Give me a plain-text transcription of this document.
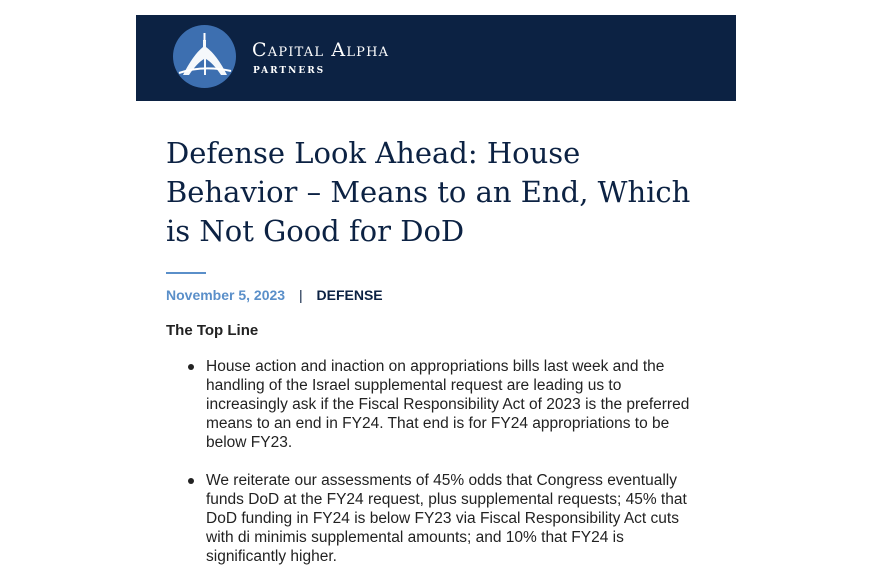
Capital Alpha
PARTNERS
Defense Look Ahead: House Behavior – Means to an End, Which is Not Good for DoD
November 5, 2023 | DEFENSE
The Top Line
House action and inaction on appropriations bills last week and the handling of the Israel supplemental request are leading us to increasingly ask if the Fiscal Responsibility Act of 2023 is the preferred means to an end in FY24. That end is for FY24 appropriations to be below FY23.
We reiterate our assessments of 45% odds that Congress eventually funds DoD at the FY24 request, plus supplemental requests; 45% that DoD funding in FY24 is below FY23 via Fiscal Responsibility Act cuts with di minimis supplemental amounts; and 10% that FY24 is significantly higher.
